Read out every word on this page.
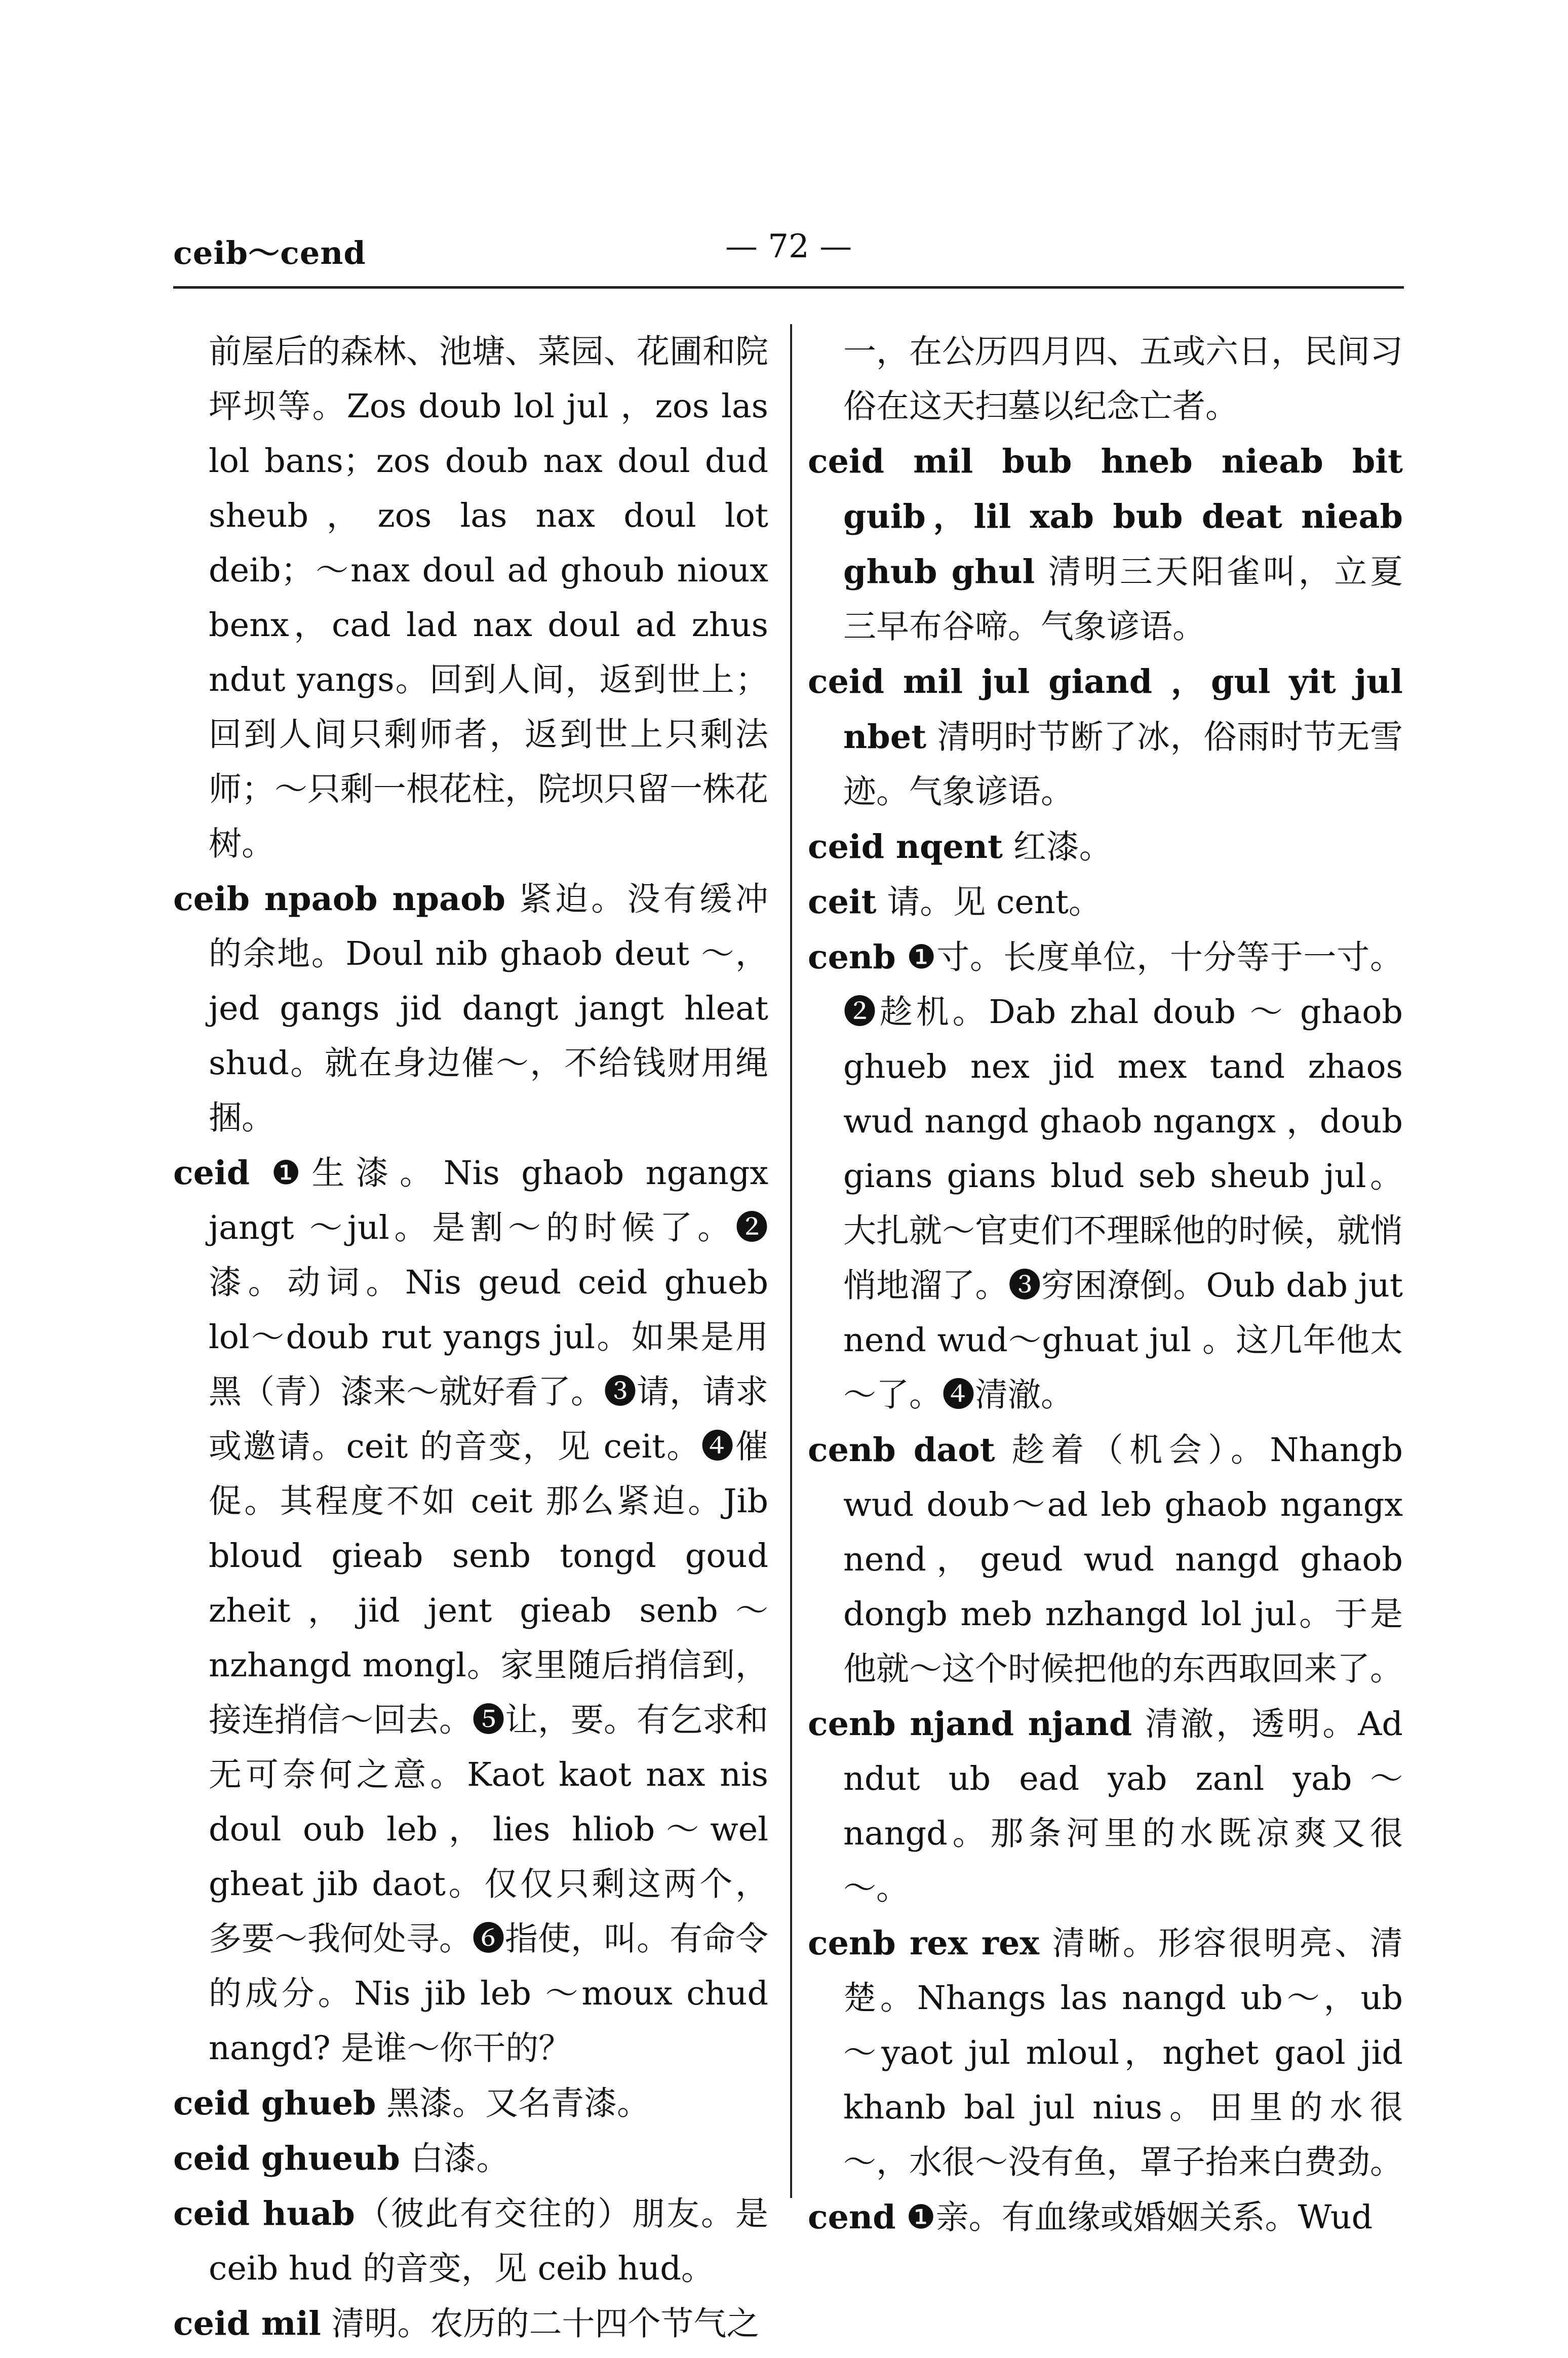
ceib～cend	— 72 —

前屋后的森林、池塘、菜园、花圃和院坪坝等。Zos doub lol jul ，zos las lol bans；zos doub nax doul dud sheub，zos las nax doul lot deib；～nax doul ad ghoub nioux benx，cad lad nax doul ad zhus ndut yangs。回到人间，返到世上；回到人间只剩师者，返到世上只剩法师；～只剩一根花柱，院坝只留一株花树。

ceib npaob npaob 紧迫。没有缓冲的余地。Doul nib ghaob deut ～，jed gangs jid dangt jangt hleat shud。就在身边催～，不给钱财用绳捆。

ceid ❶生漆。Nis ghaob ngangx jangt ～jul。是割～的时候了。❷漆。动词。Nis geud ceid ghueb lol～doub rut yangs jul。如果是用黑（青）漆来～就好看了。❸请，请求或邀请。ceit 的音变，见 ceit。❹催促。其程度不如 ceit 那么紧迫。Jib bloud gieab senb tongd goud zheit，jid jent gieab senb～nzhangd mongl。家里随后捎信到，接连捎信～回去。❺让，要。有乞求和无可奈何之意。Kaot kaot nax nis doul oub leb，lies hliob～wel gheat jib daot。仅仅只剩这两个，多要～我何处寻。❻指使，叫。有命令的成分。Nis jib leb ～moux chud nangd? 是谁～你干的？

ceid ghueb 黑漆。又名青漆。

ceid ghueub 白漆。

ceid huab（彼此有交往的）朋友。是 ceib hud 的音变，见 ceib hud。

ceid mil 清明。农历的二十四个节气之

一，在公历四月四、五或六日，民间习俗在这天扫墓以纪念亡者。

ceid mil bub hneb nieab bit guib，lil xab bub deat nieab ghub ghul 清明三天阳雀叫，立夏三早布谷啼。气象谚语。

ceid mil jul giand ，gul yit jul nbet 清明时节断了冰，俗雨时节无雪迹。气象谚语。

ceid nqent 红漆。

ceit 请。见 cent。

cenb ❶寸。长度单位，十分等于一寸。❷趁机。Dab zhal doub ～ ghaob ghueb nex jid mex tand zhaos wud nangd ghaob ngangx ，doub gians gians blud seb sheub jul。大扎就～官吏们不理睬他的时候，就悄悄地溜了。❸穷困潦倒。Oub dab jut nend wud～ghuat jul 。这几年他太～了。❹清澈。

cenb daot 趁着（机会）。Nhangb wud doub～ad leb ghaob ngangx nend，geud wud nangd ghaob dongb meb nzhangd lol jul。于是他就～这个时候把他的东西取回来了。

cenb njand njand 清澈，透明。Ad ndut ub ead yab zanl yab～nangd。那条河里的水既凉爽又很～。

cenb rex rex 清晰。形容很明亮、清楚。Nhangs las nangd ub～，ub～yaot jul mloul，nghet gaol jid khanb bal jul nius。田里的水很～，水很～没有鱼，罩子抬来白费劲。

cend ❶亲。有血缘或婚姻关系。Wud
